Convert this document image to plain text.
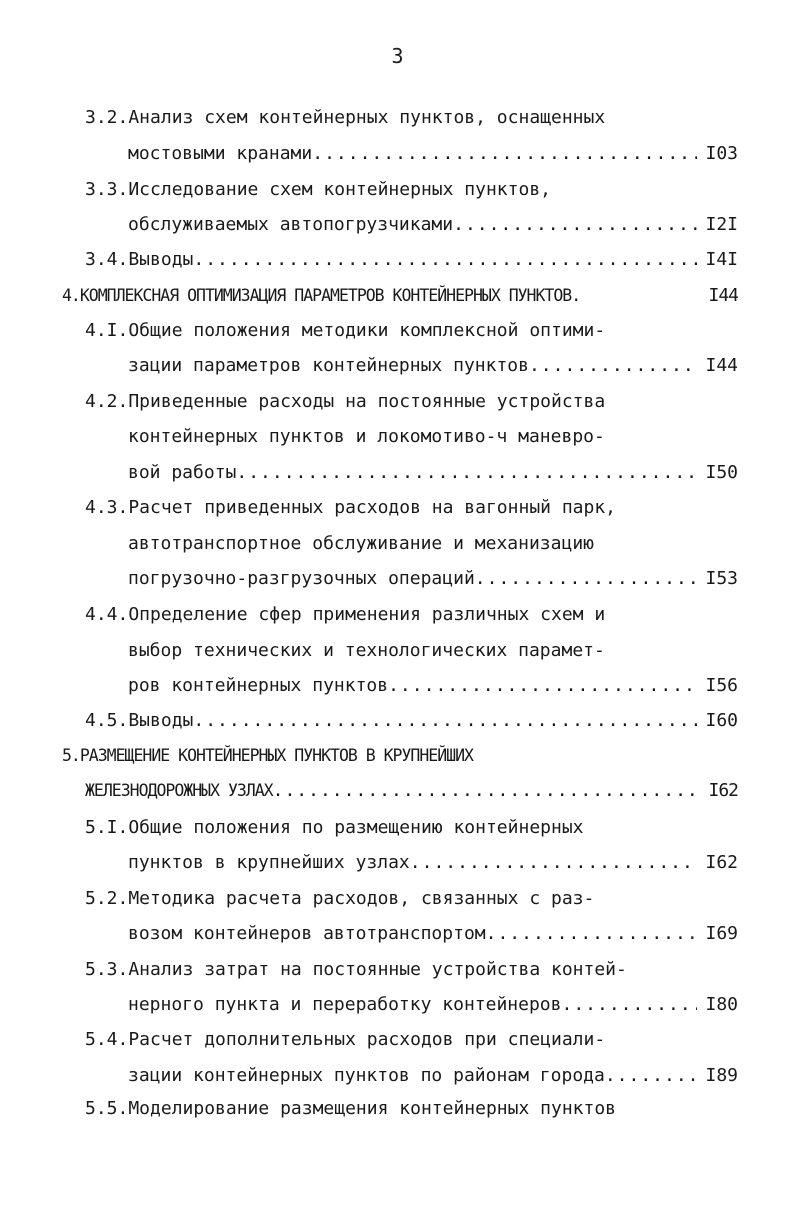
3
3.2.Анализ схем контейнерных пунктов, оснащенных
мостовыми кранами .....	I03
3.3.Исследование схем контейнерных пунктов,
обслуживаемых автопогрузчиками .....	I2I
3.4.Выводы .....	I4I
4.КОМПЛЕКСНАЯ ОПТИМИЗАЦИЯ ПАРАМЕТРОВ КОНТЕЙНЕРНЫХ ПУНКТОВ.	I44
4.I.Общие положения методики комплексной оптими-
зации параметров контейнерных пунктов .....	I44
4.2.Приведенные расходы на постоянные устройства
контейнерных пунктов и локомотиво-ч маневро-
вой работы .....	I50
4.3.Расчет приведенных расходов на вагонный парк,
автотранспортное обслуживание и механизацию
погрузочно-разгрузочных операций .....	I53
4.4.Определение сфер применения различных схем и
выбор технических и технологических парамет-
ров контейнерных пунктов .....	I56
4.5.Выводы .....	I60
5.РАЗМЕЩЕНИЕ КОНТЕЙНЕРНЫХ ПУНКТОВ В КРУПНЕЙШИХ
ЖЕЛЕЗНОДОРОЖНЫХ УЗЛАХ .....	I62
5.I.Общие положения по размещению контейнерных
пунктов в крупнейших узлах .....	I62
5.2.Методика расчета расходов, связанных с раз-
возом контейнеров автотранспортом .....	I69
5.3.Анализ затрат на постоянные устройства контей-
нерного пункта и переработку контейнеров .....	I80
5.4.Расчет дополнительных расходов при специали-
зации контейнерных пунктов по районам города .....	I89
5.5.Моделирование размещения контейнерных пунктов
